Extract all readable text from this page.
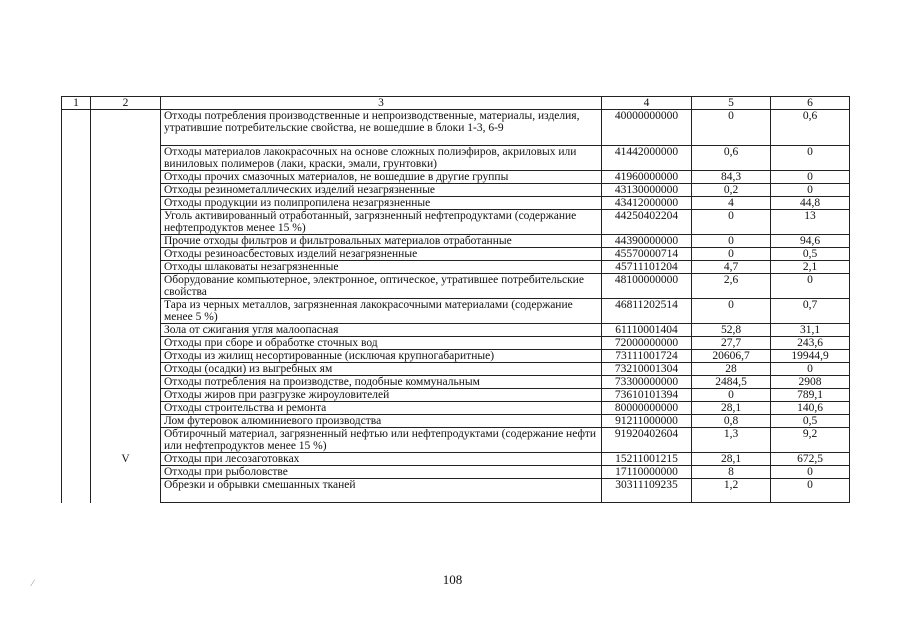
1	2	3	4	5	6
		Отходы потребления производственные и непроизводственные, материалы, изделия, утратившие потребительские свойства, не вошедшие в блоки 1-3, 6-9	40000000000	0	0,6
		Отходы материалов лакокрасочных на основе сложных полиэфиров, акриловых или виниловых полимеров (лаки, краски, эмали, грунтовки)	41442000000	0,6	0
		Отходы прочих смазочных материалов, не вошедшие в другие группы	41960000000	84,3	0
		Отходы резинометаллических изделий незагрязненные	43130000000	0,2	0
		Отходы продукции из полипропилена незагрязненные	43412000000	4	44,8
		Уголь активированный отработанный, загрязненный нефтепродуктами (содержание нефтепродуктов менее 15 %)	44250402204	0	13
		Прочие отходы фильтров и фильтровальных материалов отработанные	44390000000	0	94,6
		Отходы резиноасбестовых изделий незагрязненные	45570000714	0	0,5
		Отходы шлаковаты незагрязненные	45711101204	4,7	2,1
		Оборудование компьютерное, электронное, оптическое, утратившее потребительские свойства	48100000000	2,6	0
		Тара из черных металлов, загрязненная лакокрасочными материалами (содержание менее 5 %)	46811202514	0	0,7
		Зола от сжигания угля малоопасная	61110001404	52,8	31,1
		Отходы при сборе и обработке сточных вод	72000000000	27,7	243,6
		Отходы из жилищ несортированные (исключая крупногабаритные)	73111001724	20606,7	19944,9
		Отходы (осадки) из выгребных ям	73210001304	28	0
		Отходы потребления на производстве, подобные коммунальным	73300000000	2484,5	2908
		Отходы жиров при разгрузке жироуловителей	73610101394	0	789,1
		Отходы строительства и ремонта	80000000000	28,1	140,6
		Лом футеровок алюминиевого производства	91211000000	0,8	0,5
		Обтирочный материал, загрязненный нефтью или нефтепродуктами (содержание нефти или нефтепродуктов менее 15 %)	91920402604	1,3	9,2
	V	Отходы при лесозаготовках	15211001215	28,1	672,5
		Отходы при рыболовстве	17110000000	8	0
		Обрезки и обрывки смешанных тканей	30311109235	1,2	0
108
⁄
